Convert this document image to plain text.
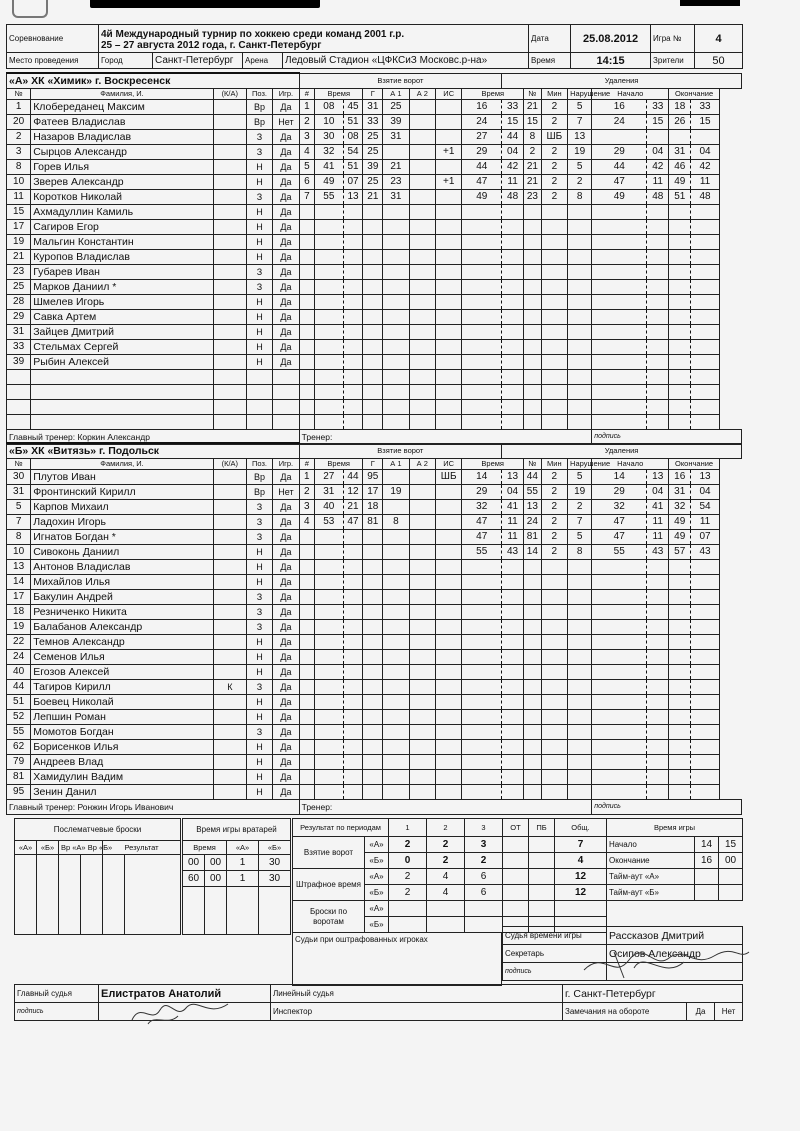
Соревнование	4й Международный турнир по хоккею среди команд 2001 г.р.
25 – 27 августа 2012 года, г. Санкт-Петербург				Дата	25.08.2012	Игра №	4
Место проведения	Город	Санкт-Петербург	Арена	Ледовый Стадион «ЦФКСиЗ Московс.р-на»	Время	14:15	Зрители	50
«А» ХК «Химик» г. Воскресенск					Взятие ворот								Удаления							
№	Фамилия, И.	(К/А)	Поз.	Игр.	#	Время		Г	А 1	А 2	ИС	Время		№	Мин	Нарушение	Начало		Окончание	
1	Клобереданец Максим		Вр	Да	1	08	45	31	25			16	33	21	2	5	16	33	18	33
20	Фатеев Владислав		Вр	Нет	2	10	51	33	39			24	15	15	2	7	24	15	26	15
2	Назаров Владислав		З	Да	3	30	08	25	31			27	44	8	ШБ	13				
3	Сырцов Александр		З	Да	4	32	54	25			+1	29	04	2	2	19	29	04	31	04
8	Горев Илья		Н	Да	5	41	51	39	21			44	42	21	2	5	44	42	46	42
10	Зверев Александр		Н	Да	6	49	07	25	23		+1	47	11	21	2	2	47	11	49	11
11	Коротков Николай		З	Да	7	55	13	21	31			49	48	23	2	8	49	48	51	48
15	Ахмадуллин Камиль		Н	Да																
17	Сагиров Егор		Н	Да																
19	Мальгин Константин		Н	Да																
21	Куропов Владислав		Н	Да																
23	Губарев Иван		З	Да																
25	Марков Даниил *		З	Да																
28	Шмелев Игорь		Н	Да																
29	Савка Артем		Н	Да																
31	Зайцев Дмитрий		Н	Да																
33	Стельмах Сергей		Н	Да																
39	Рыбин Алексей		Н	Да																

Главный тренер: Коркин Александр					Тренер:												подпись			
«Б» ХК «Витязь» г. Подольск					Взятие ворот								Удаления							
№	Фамилия, И.	(К/А)	Поз.	Игр.	#	Время		Г	А 1	А 2	ИС	Время		№	Мин	Нарушение	Начало		Окончание	
30	Плутов Иван		Вр	Да	1	27	44	95			ШБ	14	13	44	2	5	14	13	16	13
31	Фронтинский Кирилл		Вр	Нет	2	31	12	17	19			29	04	55	2	19	29	04	31	04
5	Карпов Михаил		З	Да	3	40	21	18				32	41	13	2	2	32	41	32	54
7	Ладохин Игорь		З	Да	4	53	47	81	8			47	11	24	2	7	47	11	49	11
8	Игнатов Богдан *		З	Да								47	11	81	2	5	47	11	49	07
10	Сивоконь Даниил		Н	Да								55	43	14	2	8	55	43	57	43
13	Антонов Владислав		Н	Да																
14	Михайлов Илья		Н	Да																
17	Бакулин Андрей		З	Да																
18	Резниченко Никита		З	Да																
19	Балабанов Александр		З	Да																
22	Темнов Александр		Н	Да																
24	Семенов Илья		Н	Да																
40	Егозов Алексей		Н	Да																
44	Тагиров Кирилл	К	З	Да																
51	Боевец Николай		Н	Да																
52	Лепшин Роман		Н	Да																
55	Момотов Богдан		З	Да																
62	Борисенков Илья		Н	Да																
79	Андреев Влад		Н	Да																
81	Хамидулин Вадим		Н	Да																
95	Зенин Данил		Н	Да																
Главный тренер: Ронжин Игорь Иванович					Тренер:												подпись			
Послематчевые броски					
«А»	«Б»	Вр «А» Вр «Б»		Результат	

Время игры вратарей			
Время		«А»	«Б»
00	00	1	30
60	00	1	30

Результат по периодам		1	2	3	ОТ	ПБ	Общ.
Взятие ворот	«А»	2	2	3			7
	«Б»	0	2	2			4
Штрафное время	«А»	2	4	6			12
	«Б»	2	4	6			12
Броски по воротам	«А»						
	«Б»						
Время игры		
Начало	14	15
Окончание	16	00
Тайм-аут «А»		
Тайм-аут «Б»		
Судьи при оштрафованных игроках	Судья времени игры	Рассказов Дмитрий
Секретарь	Осипов Александр
подпись	
Главный судья	Елистратов Анатолий	Линейный судья	г. Санкт-Петербург		
подпись		Инспектор	Замечания на обороте	Да	Нет
